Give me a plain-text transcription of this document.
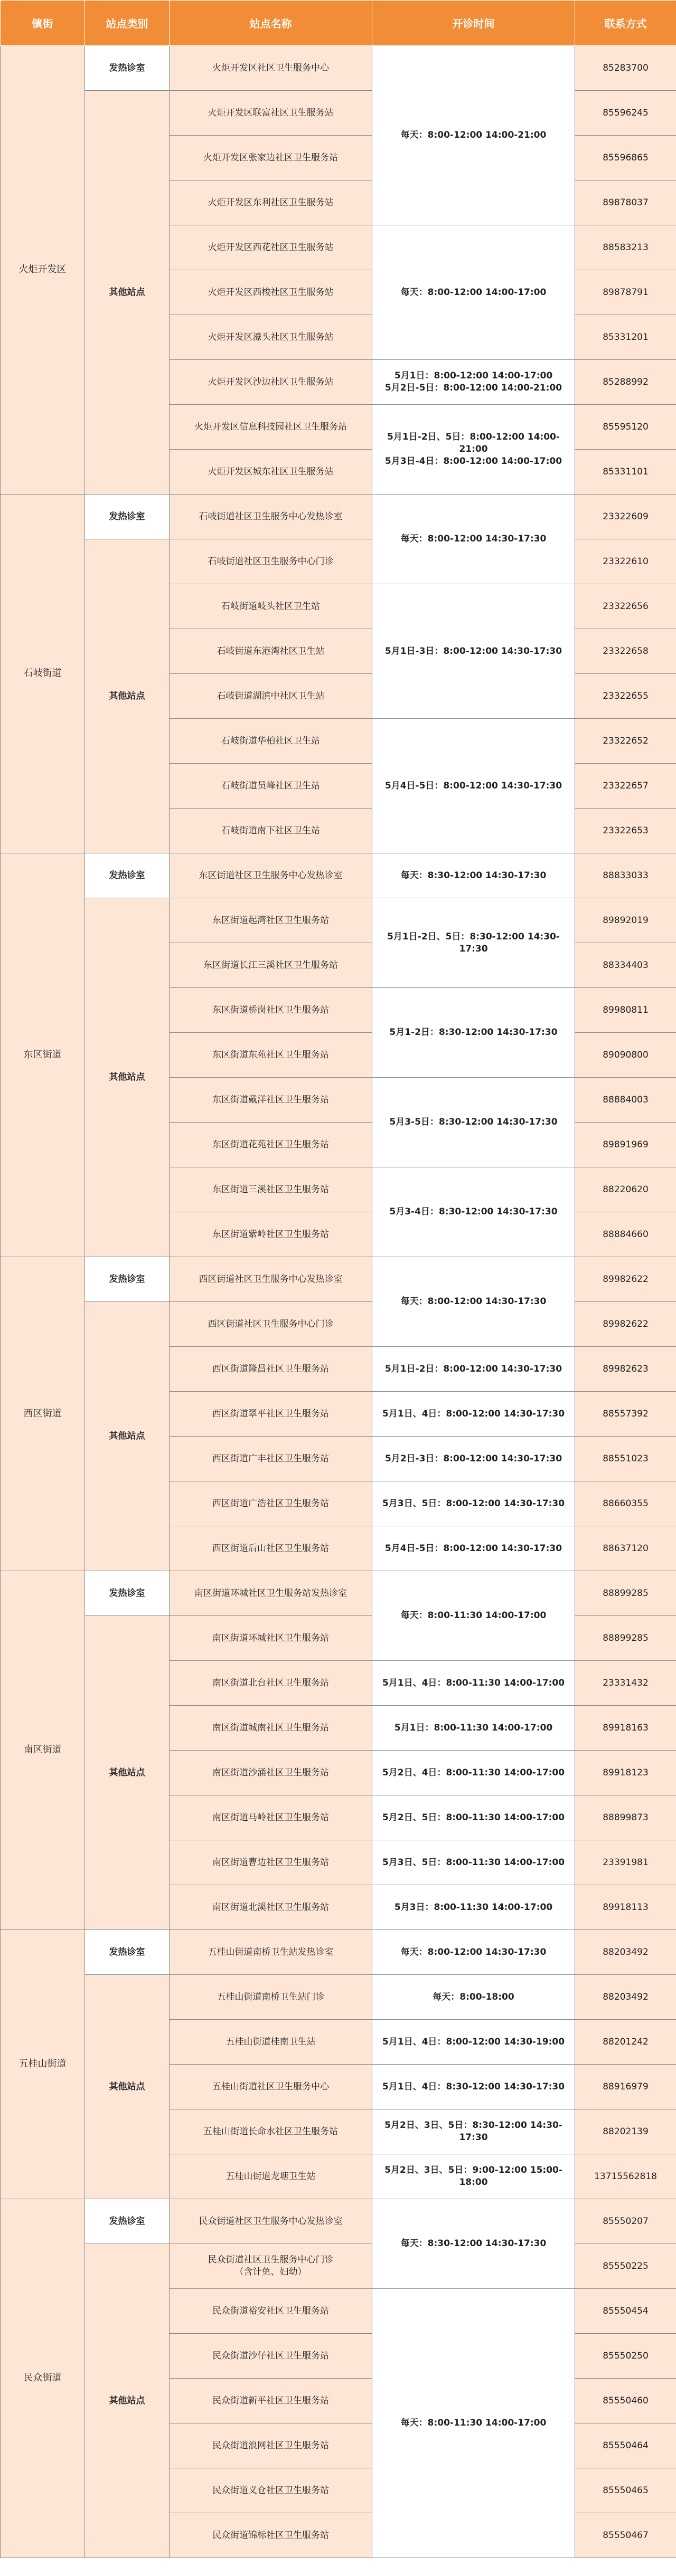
镇街	站点类别	站点名称	开诊时间	联系方式
火炬开发区	发热诊室	火炬开发区社区卫生服务中心	每天：8:00-12:00 14:00-21:00	85283700
	其他站点	火炬开发区联富社区卫生服务站		85596245
		火炬开发区张家边社区卫生服务站		85596865
		火炬开发区东利社区卫生服务站		89878037
		火炬开发区西花社区卫生服务站	每天：8:00-12:00 14:00-17:00	88583213
		火炬开发区西梭社区卫生服务站		89878791
		火炬开发区濠头社区卫生服务站		85331201
		火炬开发区沙边社区卫生服务站	5月1日：8:00-12:00 14:00-17:00
5月2日-5日：8:00-12:00 14:00-21:00	85288992
		火炬开发区信息科技园社区卫生服务站	5月1日-2日、5日：8:00-12:00 14:00-21:00
5月3日-4日：8:00-12:00 14:00-17:00	85595120
		火炬开发区城东社区卫生服务站		85331101
石岐街道	发热诊室	石岐街道社区卫生服务中心发热诊室	每天：8:00-12:00 14:30-17:30	23322609
	其他站点	石岐街道社区卫生服务中心门诊		23322610
		石岐街道岐头社区卫生站	5月1日-3日：8:00-12:00 14:30-17:30	23322656
		石岐街道东港湾社区卫生站		23322658
		石岐街道湖滨中社区卫生站		23322655
		石岐街道华柏社区卫生站	5月4日-5日：8:00-12:00 14:30-17:30	23322652
		石岐街道员峰社区卫生站		23322657
		石岐街道南下社区卫生站		23322653
东区街道	发热诊室	东区街道社区卫生服务中心发热诊室	每天：8:30-12:00 14:30-17:30	88833033
	其他站点	东区街道起湾社区卫生服务站	5月1日-2日、5日：8:30-12:00 14:30-17:30	89892019
		东区街道长江三溪社区卫生服务站		88334403
		东区街道桥岗社区卫生服务站	5月1-2日：8:30-12:00 14:30-17:30	89980811
		东区街道东苑社区卫生服务站		89090800
		东区街道戴洋社区卫生服务站	5月3-5日：8:30-12:00 14:30-17:30	88884003
		东区街道花苑社区卫生服务站		89891969
		东区街道三溪社区卫生服务站	5月3-4日：8:30-12:00 14:30-17:30	88220620
		东区街道紫岭社区卫生服务站		88884660
西区街道	发热诊室	西区街道社区卫生服务中心发热诊室	每天：8:00-12:00 14:30-17:30	89982622
	其他站点	西区街道社区卫生服务中心门诊		89982622
		西区街道隆昌社区卫生服务站	5月1日-2日：8:00-12:00 14:30-17:30	89982623
		西区街道翠平社区卫生服务站	5月1日、4日：8:00-12:00 14:30-17:30	88557392
		西区街道广丰社区卫生服务站	5月2日-3日：8:00-12:00 14:30-17:30	88551023
		西区街道广浩社区卫生服务站	5月3日、5日：8:00-12:00 14:30-17:30	88660355
		西区街道后山社区卫生服务站	5月4日-5日：8:00-12:00 14:30-17:30	88637120
南区街道	发热诊室	南区街道环城社区卫生服务站发热诊室	每天：8:00-11:30 14:00-17:00	88899285
	其他站点	南区街道环城社区卫生服务站		88899285
		南区街道北台社区卫生服务站	5月1日、4日：8:00-11:30 14:00-17:00	23331432
		南区街道城南社区卫生服务站	5月1日：8:00-11:30 14:00-17:00	89918163
		南区街道沙涌社区卫生服务站	5月2日、4日：8:00-11:30 14:00-17:00	89918123
		南区街道马岭社区卫生服务站	5月2日、5日：8:00-11:30 14:00-17:00	88899873
		南区街道曹边社区卫生服务站	5月3日、5日：8:00-11:30 14:00-17:00	23391981
		南区街道北溪社区卫生服务站	5月3日：8:00-11:30 14:00-17:00	89918113
五桂山街道	发热诊室	五桂山街道南桥卫生站发热诊室	每天：8:00-12:00 14:30-17:30	88203492
	其他站点	五桂山街道南桥卫生站门诊	每天：8:00-18:00	88203492
		五桂山街道桂南卫生站	5月1日、4日：8:00-12:00 14:30-19:00	88201242
		五桂山街道社区卫生服务中心	5月1日、4日：8:30-12:00 14:30-17:30	88916979
		五桂山街道长命水社区卫生服务站	5月2日、3日、5日：8:30-12:00 14:30-17:30	88202139
		五桂山街道龙塘卫生站	5月2日、3日、5日：9:00-12:00 15:00-18:00	13715562818
民众街道	发热诊室	民众街道社区卫生服务中心发热诊室	每天：8:30-12:00 14:30-17:30	85550207
	其他站点	民众街道社区卫生服务中心门诊
（含计免、妇幼）		85550225
		民众街道裕安社区卫生服务站	每天：8:00-11:30 14:00-17:00	85550454
		民众街道沙仔社区卫生服务站		85550250
		民众街道新平社区卫生服务站		85550460
		民众街道浪网社区卫生服务站		85550464
		民众街道义仓社区卫生服务站		85550465
		民众街道锦标社区卫生服务站		85550467
